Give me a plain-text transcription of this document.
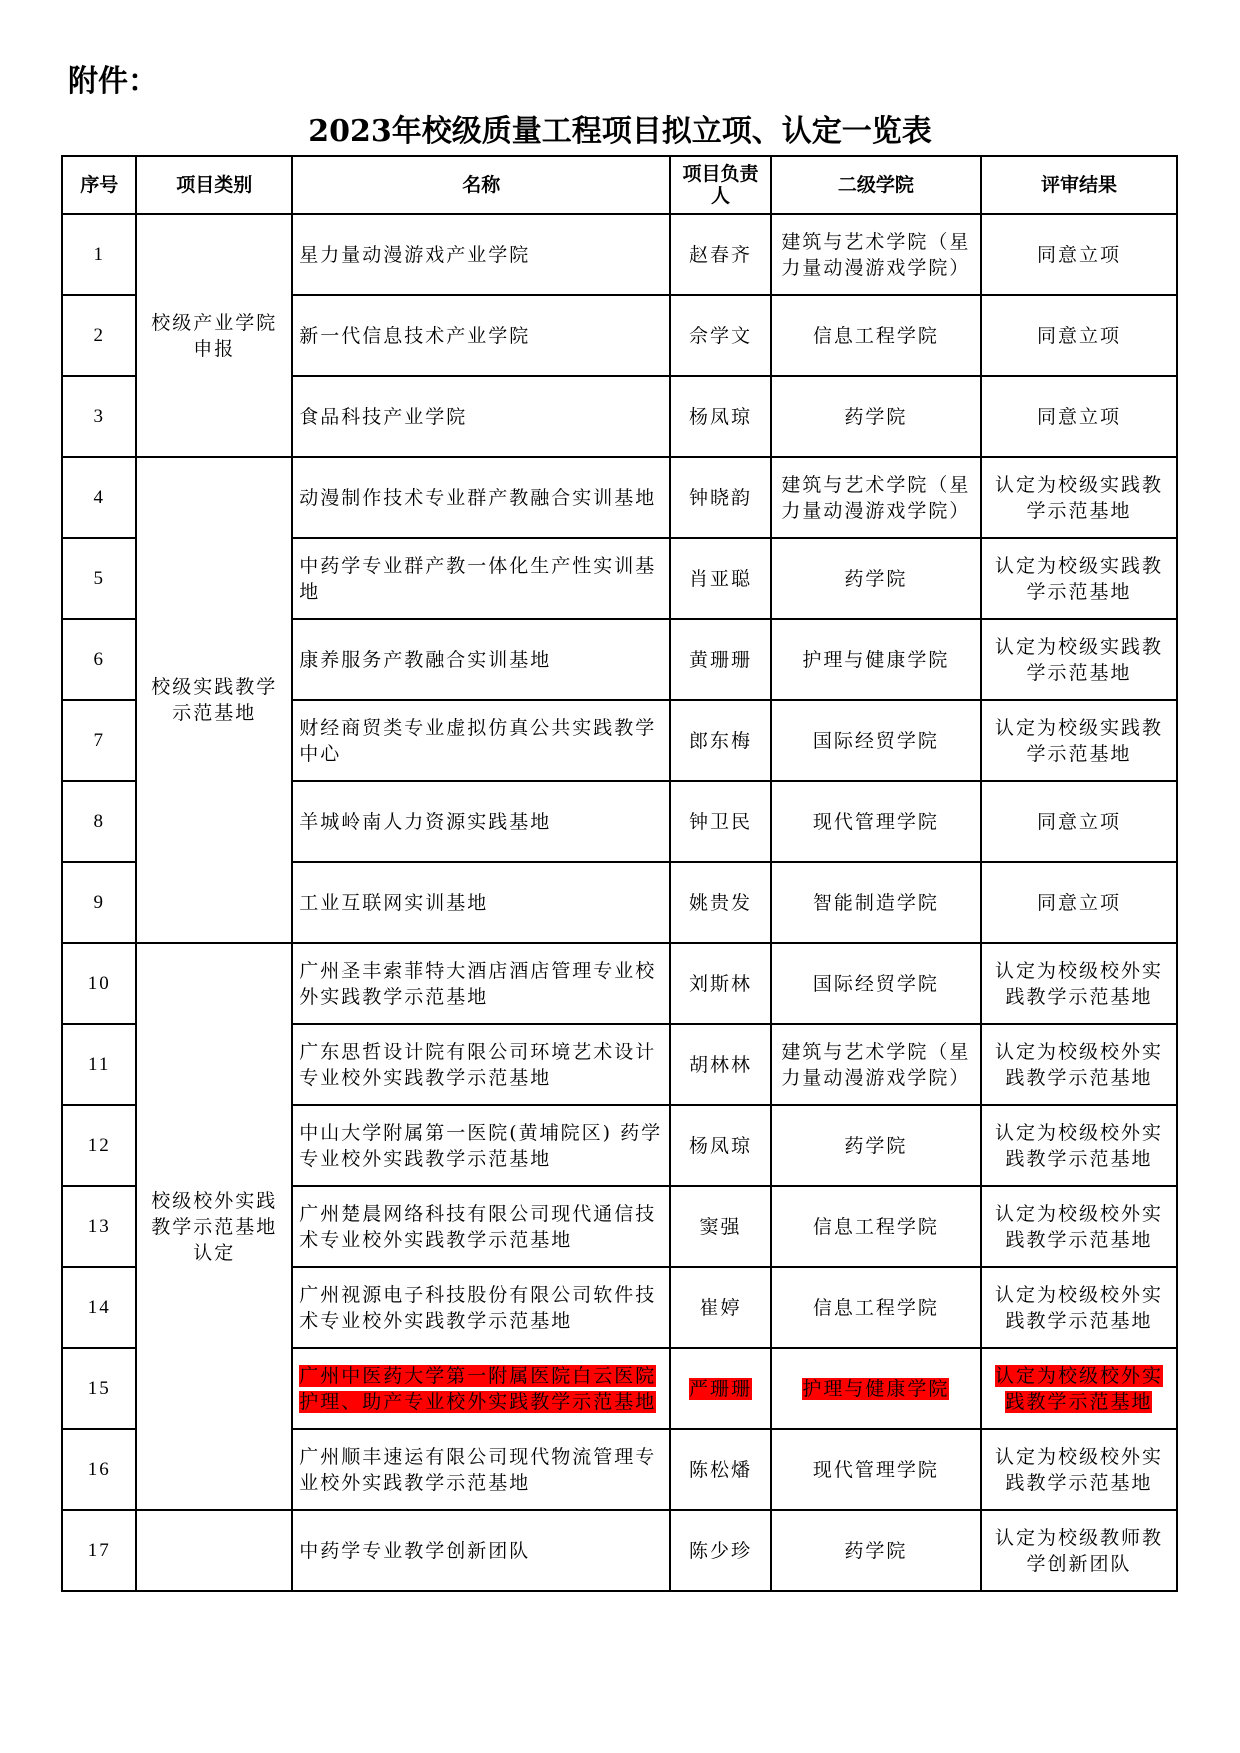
附件：
2023年校级质量工程项目拟立项、认定一览表
序号	项目类别	名称	项目负责人	二级学院	评审结果
1	校级产业学院申报	星力量动漫游戏产业学院	赵春齐	建筑与艺术学院（星力量动漫游戏学院）	同意立项
2		新一代信息技术产业学院	佘学文	信息工程学院	同意立项
3		食品科技产业学院	杨凤琼	药学院	同意立项
4	校级实践教学示范基地	动漫制作技术专业群产教融合实训基地	钟晓韵	建筑与艺术学院（星力量动漫游戏学院）	认定为校级实践教学示范基地
5		中药学专业群产教一体化生产性实训基地	肖亚聪	药学院	认定为校级实践教学示范基地
6		康养服务产教融合实训基地	黄珊珊	护理与健康学院	认定为校级实践教学示范基地
7		财经商贸类专业虚拟仿真公共实践教学中心	郎东梅	国际经贸学院	认定为校级实践教学示范基地
8		羊城岭南人力资源实践基地	钟卫民	现代管理学院	同意立项
9		工业互联网实训基地	姚贵发	智能制造学院	同意立项
10	校级校外实践教学示范基地认定	广州圣丰索菲特大酒店酒店管理专业校外实践教学示范基地	刘斯林	国际经贸学院	认定为校级校外实践教学示范基地
11		广东思哲设计院有限公司环境艺术设计专业校外实践教学示范基地	胡林林	建筑与艺术学院（星力量动漫游戏学院）	认定为校级校外实践教学示范基地
12		中山大学附属第一医院(黄埔院区) 药学专业校外实践教学示范基地	杨凤琼	药学院	认定为校级校外实践教学示范基地
13		广州楚晨网络科技有限公司现代通信技术专业校外实践教学示范基地	窦强	信息工程学院	认定为校级校外实践教学示范基地
14		广州视源电子科技股份有限公司软件技术专业校外实践教学示范基地	崔婷	信息工程学院	认定为校级校外实践教学示范基地
15		广州中医药大学第一附属医院白云医院护理、助产专业校外实践教学示范基地	严珊珊	护理与健康学院	认定为校级校外实践教学示范基地
16		广州顺丰速运有限公司现代物流管理专业校外实践教学示范基地	陈松燔	现代管理学院	认定为校级校外实践教学示范基地
17		中药学专业教学创新团队	陈少珍	药学院	认定为校级教师教学创新团队
